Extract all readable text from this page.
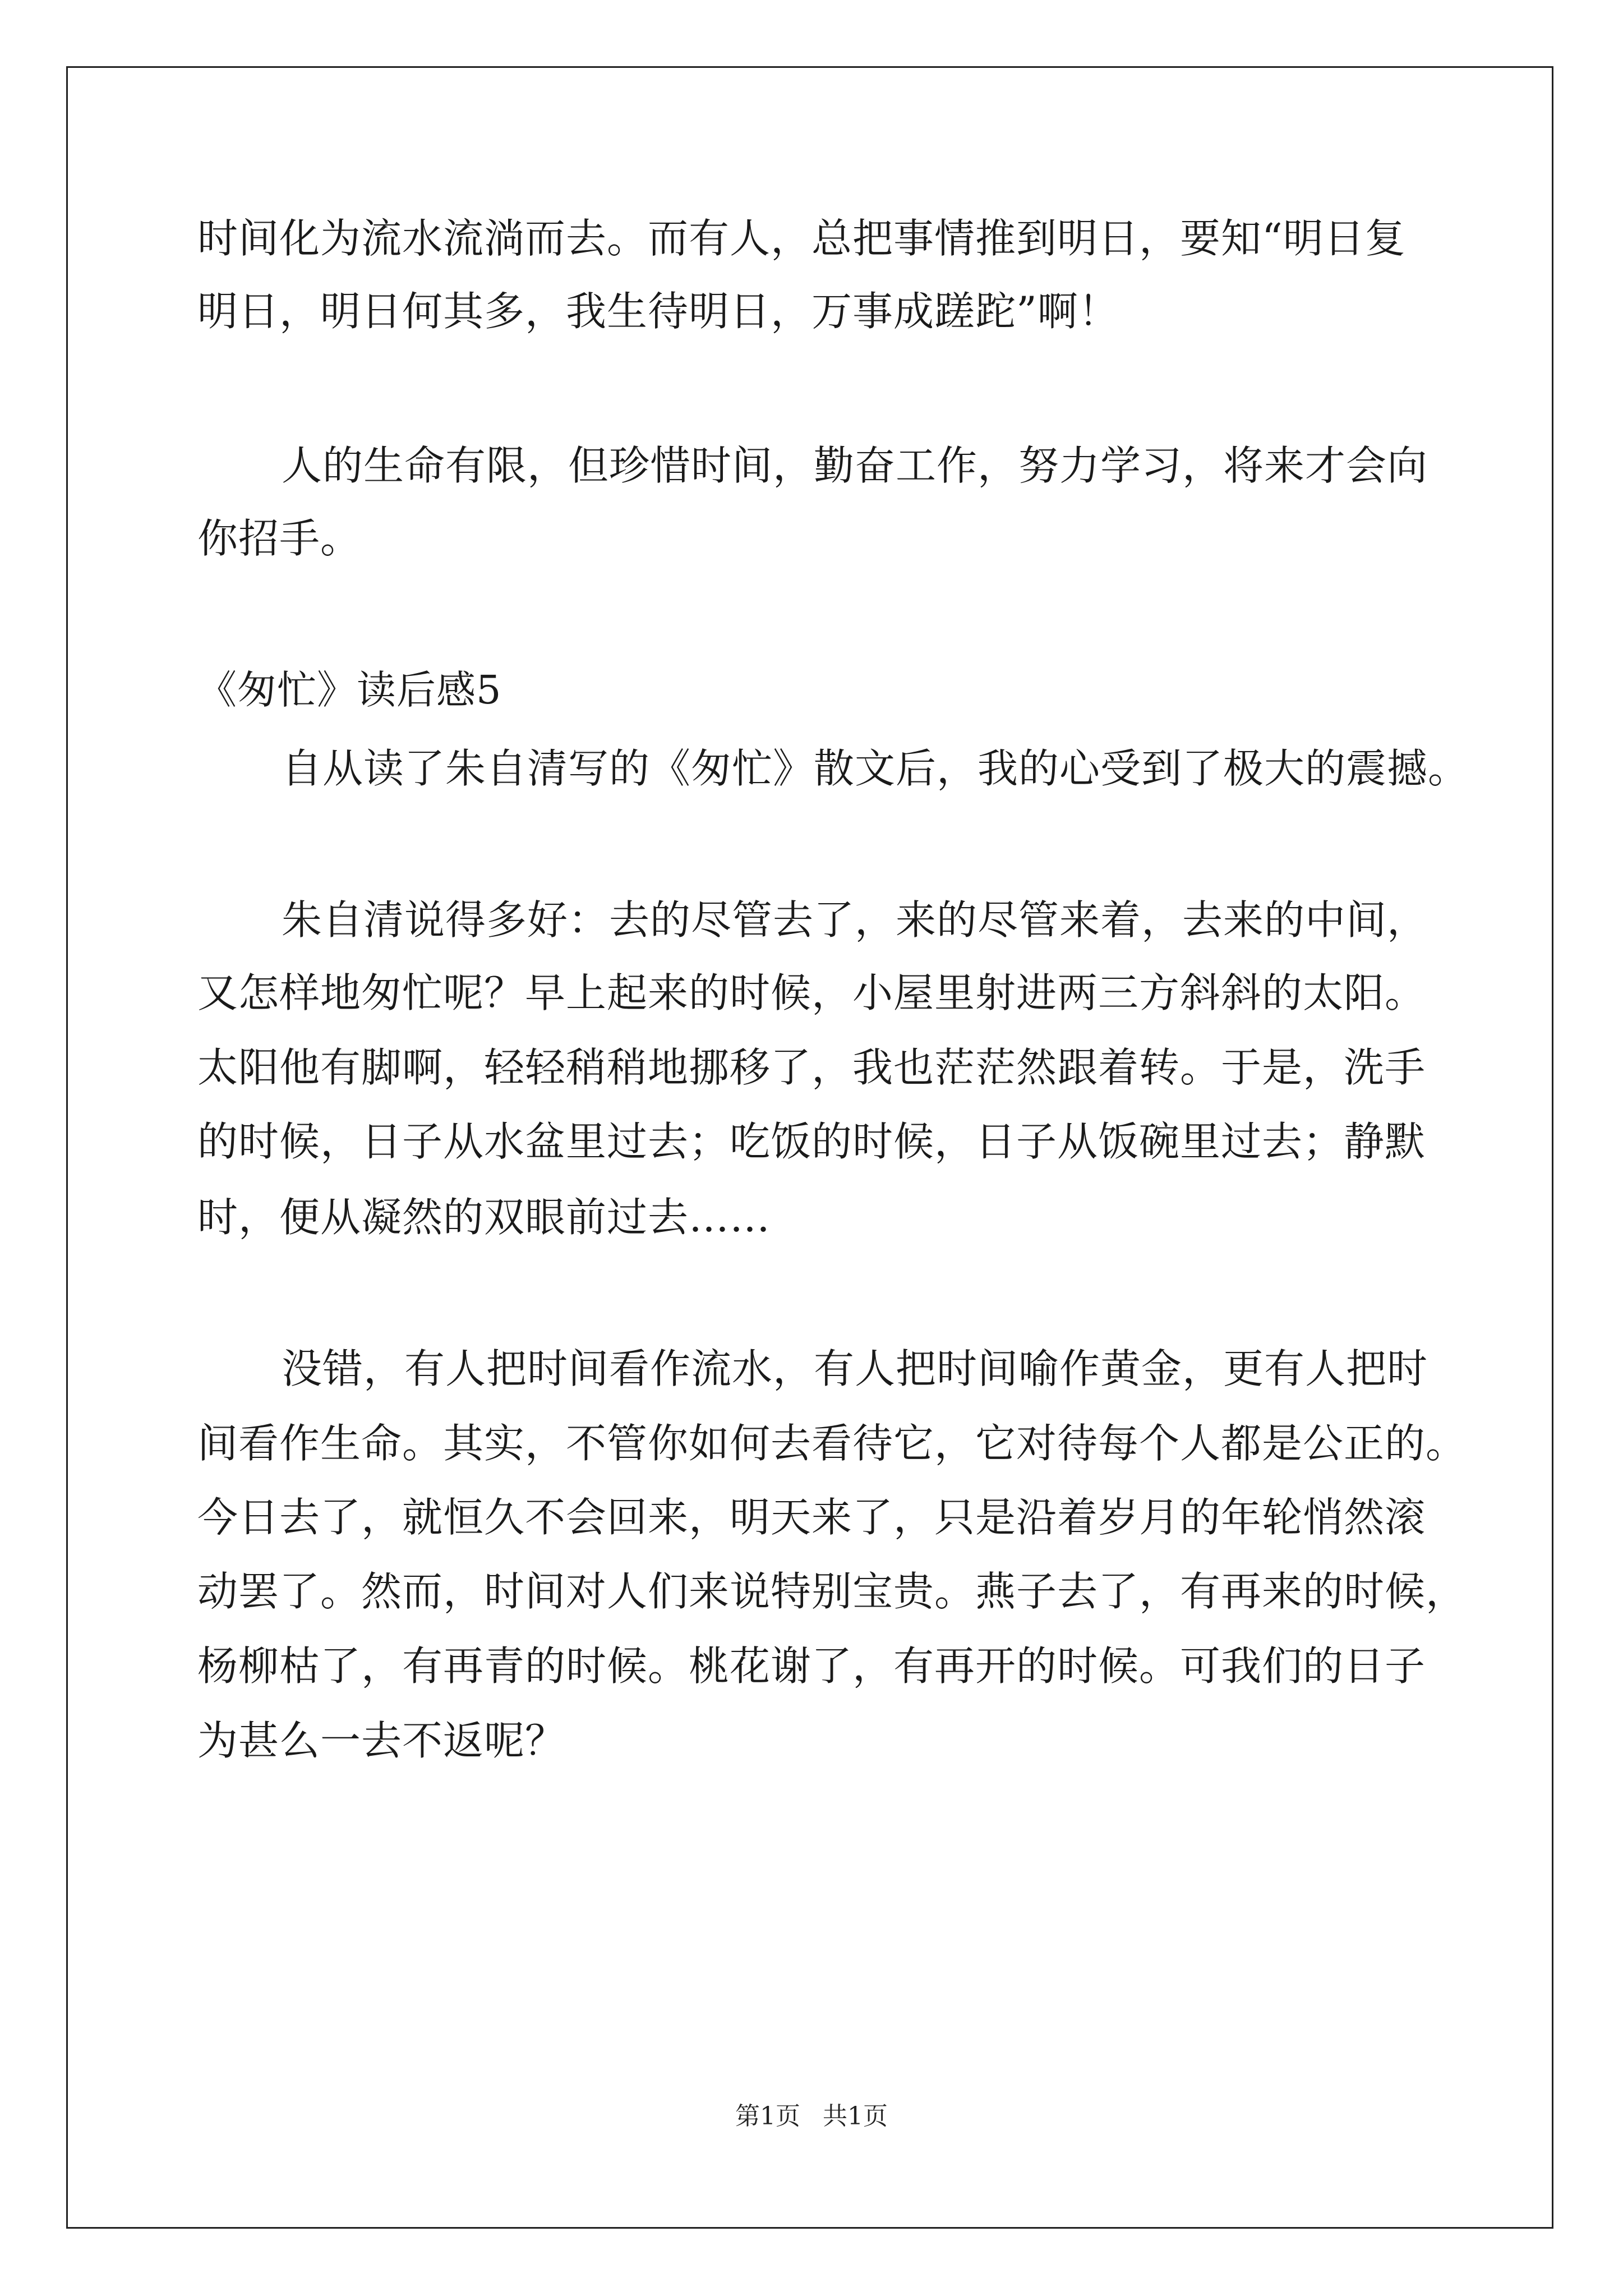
时间化为流水流淌而去。而有人，总把事情推到明日，要知“明日复
明日，明日何其多，我生待明日，万事成蹉跎”啊！
人的生命有限，但珍惜时间，勤奋工作，努力学习，将来才会向
你招手。
《匆忙》读后感5
自从读了朱自清写的《匆忙》散文后，我的心受到了极大的震撼。
朱自清说得多好：去的尽管去了，来的尽管来着，去来的中间，
又怎样地匆忙呢？早上起来的时候，小屋里射进两三方斜斜的太阳。
太阳他有脚啊，轻轻稍稍地挪移了，我也茫茫然跟着转。于是，洗手
的时候，日子从水盆里过去；吃饭的时候，日子从饭碗里过去；静默
时，便从凝然的双眼前过去……
没错，有人把时间看作流水，有人把时间喻作黄金，更有人把时
间看作生命。其实，不管你如何去看待它，它对待每个人都是公正的。
今日去了，就恒久不会回来，明天来了，只是沿着岁月的年轮悄然滚
动罢了。然而，时间对人们来说特别宝贵。燕子去了，有再来的时候，
杨柳枯了，有再青的时候。桃花谢了，有再开的时候。可我们的日子
为甚么一去不返呢？
第1页 共1页
